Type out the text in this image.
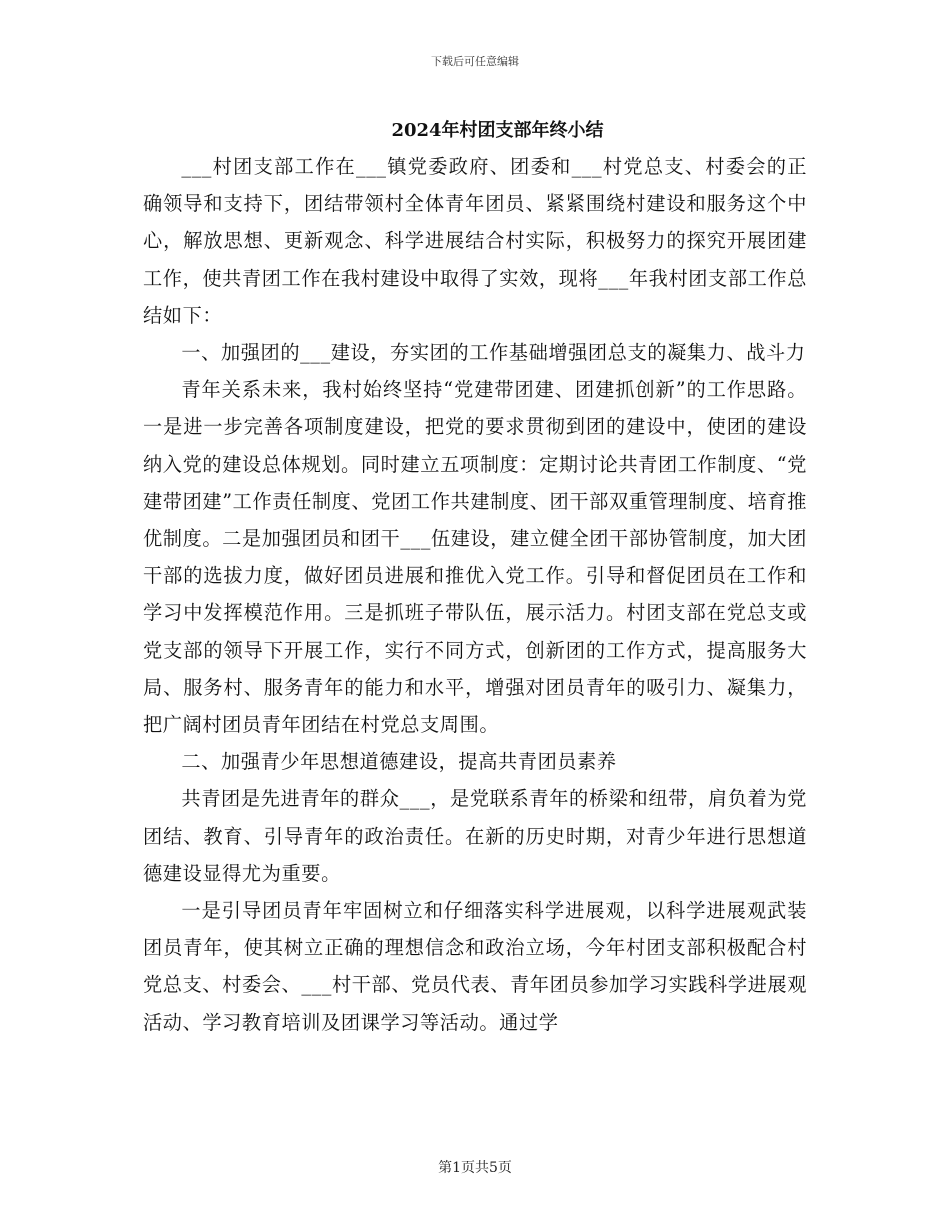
下载后可任意编辑
2024年村团支部年终小结

___村团支部工作在___镇党委政府、团委和___村党总支、村委会的正确领导和支持下，团结带领村全体青年团员、紧紧围绕村建设和服务这个中心，解放思想、更新观念、科学进展结合村实际，积极努力的探究开展团建工作，使共青团工作在我村建设中取得了实效，现将___年我村团支部工作总结如下：

一、加强团的___建设，夯实团的工作基础增强团总支的凝集力、战斗力

青年关系未来，我村始终坚持“党建带团建、团建抓创新”的工作思路。一是进一步完善各项制度建设，把党的要求贯彻到团的建设中，使团的建设纳入党的建设总体规划。同时建立五项制度：定期讨论共青团工作制度、“党建带团建”工作责任制度、党团工作共建制度、团干部双重管理制度、培育推优制度。二是加强团员和团干___伍建设，建立健全团干部协管制度，加大团干部的选拔力度，做好团员进展和推优入党工作。引导和督促团员在工作和学习中发挥模范作用。三是抓班子带队伍，展示活力。村团支部在党总支或党支部的领导下开展工作，实行不同方式，创新团的工作方式，提高服务大局、服务村、服务青年的能力和水平，增强对团员青年的吸引力、凝集力，把广阔村团员青年团结在村党总支周围。

二、加强青少年思想道德建设，提高共青团员素养

共青团是先进青年的群众___，是党联系青年的桥梁和纽带，肩负着为党团结、教育、引导青年的政治责任。在新的历史时期，对青少年进行思想道德建设显得尤为重要。

一是引导团员青年牢固树立和仔细落实科学进展观，以科学进展观武装团员青年，使其树立正确的理想信念和政治立场，今年村团支部积极配合村党总支、村委会、___村干部、党员代表、青年团员参加学习实践科学进展观活动、学习教育培训及团课学习等活动。通过学

第1页共5页
